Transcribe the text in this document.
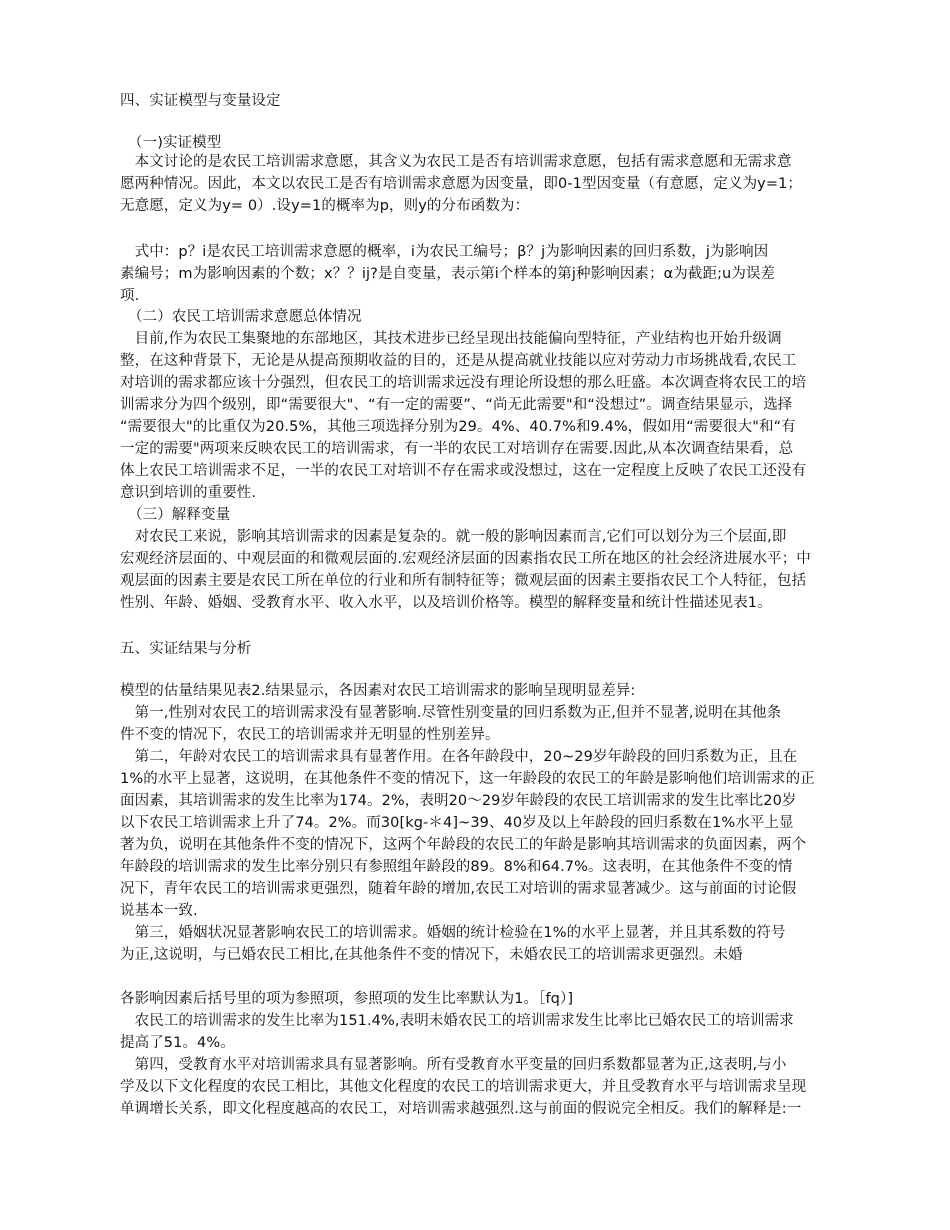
四、实证模型与变量设定
（一)实证模型
　本文讨论的是农民工培训需求意愿，其含义为农民工是否有培训需求意愿，包括有需求意愿和无需求意
愿两种情况。因此，本文以农民工是否有培训需求意愿为因变量，即0-1型因变量（有意愿，定义为y=1；
无意愿，定义为y= 0）.设y=1的概率为p，则y的分布函数为：
　式中：p？i是农民工培训需求意愿的概率，i为农民工编号；β？j为影响因素的回归系数，j为影响因
素编号；m为影响因素的个数；x？？ij?是自变量，表示第i个样本的第j种影响因素；α为截距;u为误差
项.
（二）农民工培训需求意愿总体情况
　目前,作为农民工集聚地的东部地区，其技术进步已经呈现出技能偏向型特征，产业结构也开始升级调
整，在这种背景下，无论是从提高预期收益的目的，还是从提高就业技能以应对劳动力市场挑战看,农民工
对培训的需求都应该十分强烈，但农民工的培训需求远没有理论所设想的那么旺盛。本次调查将农民工的培
训需求分为四个级别，即“需要很大"、“有一定的需要”、“尚无此需要"和“没想过”。调查结果显示，选择
“需要很大"的比重仅为20.5%，其他三项选择分别为29。4%、40.7%和9.4%，假如用“需要很大"和“有
一定的需要"两项来反映农民工的培训需求，有一半的农民工对培训存在需要.因此,从本次调查结果看，总
体上农民工培训需求不足，一半的农民工对培训不存在需求或没想过，这在一定程度上反映了农民工还没有
意识到培训的重要性.
（三）解释变量
　对农民工来说，影响其培训需求的因素是复杂的。就一般的影响因素而言,它们可以划分为三个层面,即
宏观经济层面的、中观层面的和微观层面的.宏观经济层面的因素指农民工所在地区的社会经济进展水平；中
观层面的因素主要是农民工所在单位的行业和所有制特征等；微观层面的因素主要指农民工个人特征，包括
性别、年龄、婚姻、受教育水平、收入水平，以及培训价格等。模型的解释变量和统计性描述见表1。
五、实证结果与分析
模型的估量结果见表2.结果显示，各因素对农民工培训需求的影响呈现明显差异:
　第一,性别对农民工的培训需求没有显著影响.尽管性别变量的回归系数为正,但并不显著,说明在其他条
件不变的情况下，农民工的培训需求并无明显的性别差异。
　第二，年龄对农民工的培训需求具有显著作用。在各年龄段中，20~29岁年龄段的回归系数为正，且在
1%的水平上显著，这说明，在其他条件不变的情况下，这一年龄段的农民工的年龄是影响他们培训需求的正
面因素，其培训需求的发生比率为174。2%，表明20～29岁年龄段的农民工培训需求的发生比率比20岁
以下农民工培训需求上升了74。2%。而30[kg-＊4]~39、40岁及以上年龄段的回归系数在1%水平上显
著为负，说明在其他条件不变的情况下，这两个年龄段的农民工的年龄是影响其培训需求的负面因素，两个
年龄段的培训需求的发生比率分别只有参照组年龄段的89。8%和64.7%。这表明，在其他条件不变的情
况下，青年农民工的培训需求更强烈，随着年龄的增加,农民工对培训的需求显著减少。这与前面的讨论假
说基本一致.
　第三，婚姻状况显著影响农民工的培训需求。婚姻的统计检验在1%的水平上显著，并且其系数的符号
为正,这说明，与已婚农民工相比,在其他条件不变的情况下，未婚农民工的培训需求更强烈。未婚
各影响因素后括号里的项为参照项，参照项的发生比率默认为1。［fq）]
　农民工的培训需求的发生比率为151.4%,表明未婚农民工的培训需求发生比率比已婚农民工的培训需求
提高了51。4%。
　第四，受教育水平对培训需求具有显著影响。所有受教育水平变量的回归系数都显著为正,这表明,与小
学及以下文化程度的农民工相比，其他文化程度的农民工的培训需求更大，并且受教育水平与培训需求呈现
单调增长关系，即文化程度越高的农民工，对培训需求越强烈.这与前面的假说完全相反。我们的解释是:一
